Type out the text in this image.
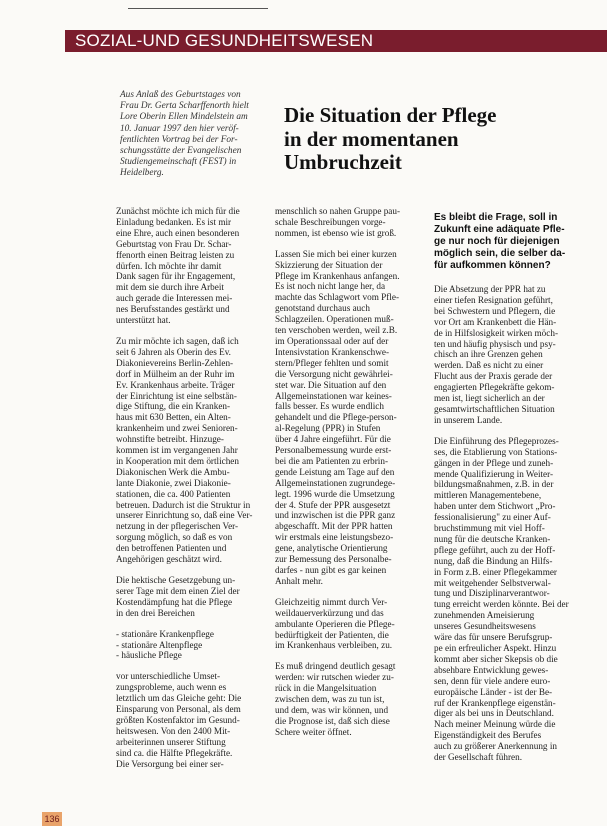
SOZIAL-UND GESUNDHEITSWESEN
Aus Anlaß des Geburtstages von
Frau Dr. Gerta Scharffenorth hielt
Lore Oberin Ellen Mindelstein am
10. Januar 1997 den hier veröf-
fentlichten Vortrag bei der For-
schungsstätte der Evangelischen
Studiengemeinschaft (FEST) in
Heidelberg.
Die Situation der Pflege
in der momentanen
Umbruchzeit
Zunächst möchte ich mich für die
Einladung bedanken. Es ist mir
eine Ehre, auch einen besonderen
Geburtstag von Frau Dr. Schar-
ffenorth einen Beitrag leisten zu
dürfen. Ich möchte ihr damit
Dank sagen für ihr Engagement,
mit dem sie durch ihre Arbeit
auch gerade die Interessen mei-
nes Berufsstandes gestärkt und
unterstützt hat.
Zu mir möchte ich sagen, daß ich
seit 6 Jahren als Oberin des Ev.
Diakonievereins Berlin-Zehlen-
dorf in Mülheim an der Ruhr im
Ev. Krankenhaus arbeite. Träger
der Einrichtung ist eine selbstän-
dige Stiftung, die ein Kranken-
haus mit 630 Betten, ein Alten-
krankenheim und zwei Senioren-
wohnstifte betreibt. Hinzuge-
kommen ist im vergangenen Jahr
in Kooperation mit dem örtlichen
Diakonischen Werk die Ambu-
lante Diakonie, zwei Diakonie-
stationen, die ca. 400 Patienten
betreuen. Dadurch ist die Struktur in
unserer Einrichtung so, daß eine Ver-
netzung in der pflegerischen Ver-
sorgung möglich, so daß es von
den betroffenen Patienten und
Angehörigen geschätzt wird.
Die hektische Gesetzgebung un-
serer Tage mit dem einen Ziel der
Kostendämpfung hat die Pflege
in den drei Bereichen
- stationäre Krankenpflege
- stationäre Altenpflege
- häusliche Pflege
vor unterschiedliche Umset-
zungsprobleme, auch wenn es
letztlich um das Gleiche geht: Die
Einsparung von Personal, als dem
größten Kostenfaktor im Gesund-
heitswesen. Von den 2400 Mit-
arbeiterinnen unserer Stiftung
sind ca. die Hälfte Pflegekräfte.
Die Versorgung bei einer ser-
menschlich so nahen Gruppe pau-
schale Beschreibungen vorge-
nommen, ist ebenso wie ist groß.
Lassen Sie mich bei einer kurzen
Skizzierung der Situation der
Pflege im Krankenhaus anfangen.
Es ist noch nicht lange her, da
machte das Schlagwort vom Pfle-
genotstand durchaus auch
Schlagzeilen. Operationen muß-
ten verschoben werden, weil z.B.
im Operationssaal oder auf der
Intensivstation Krankenschwe-
stern/Pfleger fehlten und somit
die Versorgung nicht gewährlei-
stet war. Die Situation auf den
Allgemeinstationen war keines-
falls besser. Es wurde endlich
gehandelt und die Pflege-person-
al-Regelung (PPR) in Stufen
über 4 Jahre eingeführt. Für die
Personalbemessung wurde erst-
bei die am Patienten zu erbrin-
gende Leistung am Tage auf den
Allgemeinstationen zugrundege-
legt. 1996 wurde die Umsetzung
der 4. Stufe der PPR ausgesetzt
und inzwischen ist die PPR ganz
abgeschafft. Mit der PPR hatten
wir erstmals eine leistungsbezo-
gene, analytische Orientierung
zur Bemessung des Personalbe-
darfes - nun gibt es gar keinen
Anhalt mehr.
Gleichzeitig nimmt durch Ver-
weildauerverkürzung und das
ambulante Operieren die Pflege-
bedürftigkeit der Patienten, die
im Krankenhaus verbleiben, zu.
Es muß dringend deutlich gesagt
werden: wir rutschen wieder zu-
rück in die Mangelsituation
zwischen dem, was zu tun ist,
und dem, was wir können, und
die Prognose ist, daß sich diese
Schere weiter öffnet.
Es bleibt die Frage, soll in
Zukunft eine adäquate Pfle-
ge nur noch für diejenigen
möglich sein, die selber da-
für aufkommen können?
Die Absetzung der PPR hat zu
einer tiefen Resignation geführt,
bei Schwestern und Pflegern, die
vor Ort am Krankenbett die Hän-
de in Hilfslosigkeit wirken möch-
ten und häufig physisch und psy-
chisch an ihre Grenzen gehen
werden. Daß es nicht zu einer
Flucht aus der Praxis gerade der
engagierten Pflegekräfte gekom-
men ist, liegt sicherlich an der
gesamtwirtschaftlichen Situation
in unserem Lande.
Die Einführung des Pflegeprozes-
ses, die Etablierung von Stations-
gängen in der Pflege und zuneh-
mende Qualifizierung in Weiter-
bildungsmaßnahmen, z.B. in der
mittleren Managementebene,
haben unter dem Stichwort „Pro-
fessionalisierung" zu einer Auf-
bruchstimmung mit viel Hoff-
nung für die deutsche Kranken-
pflege geführt, auch zu der Hoff-
nung, daß die Bindung an Hilfs-
in Form z.B. einer Pflegekammer
mit weitgehender Selbstverwal-
tung und Disziplinarverantwor-
tung erreicht werden könnte. Bei der
zunehmenden Ameisierung
unseres Gesundheitswesens
wäre das für unsere Berufsgrup-
pe ein erfreulicher Aspekt. Hinzu
kommt aber sicher Skepsis ob die
absehbare Entwicklung gewes-
sen, denn für viele andere euro-
europäische Länder - ist der Be-
ruf der Krankenpflege eigenstän-
diger als bei uns in Deutschland.
Nach meiner Meinung würde die
Eigenständigkeit des Berufes
auch zu größerer Anerkennung in
der Gesellschaft führen.
136
